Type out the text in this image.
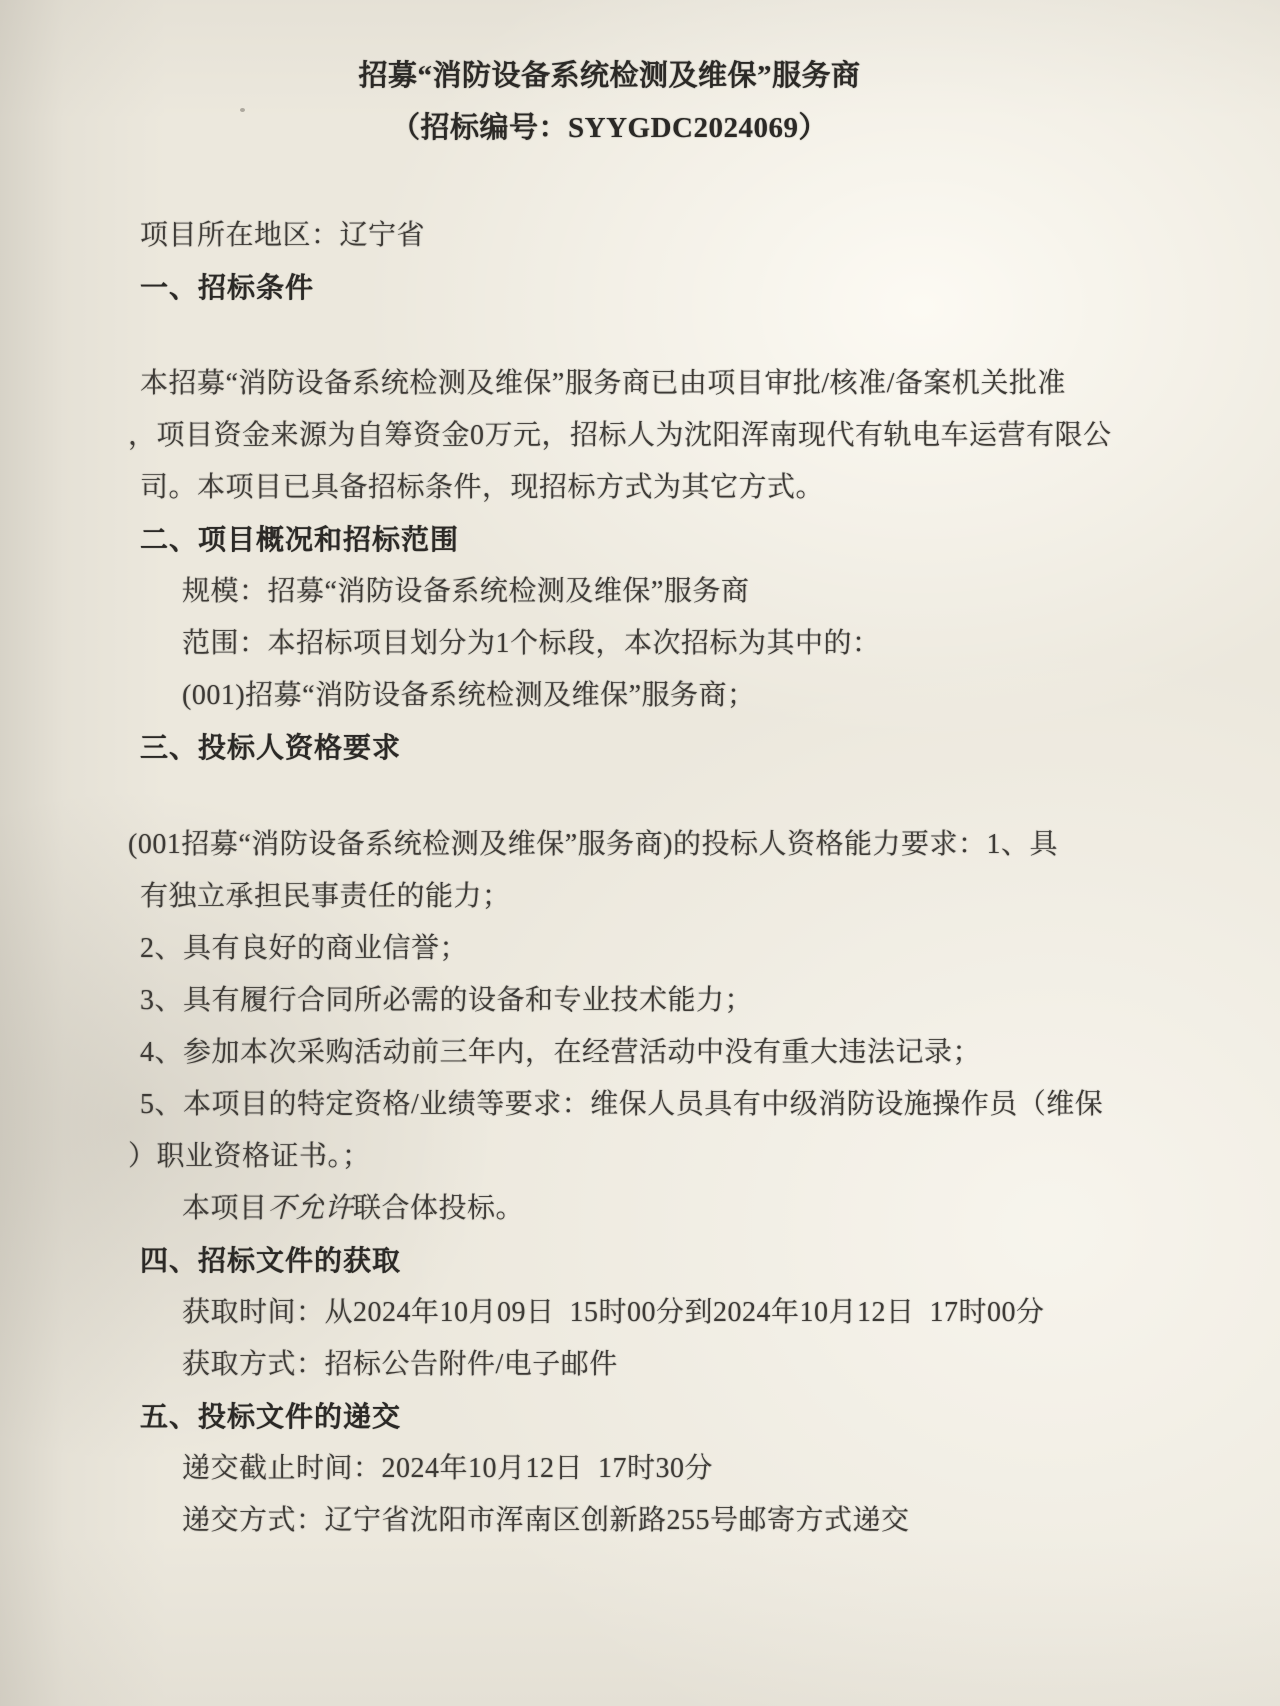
招募“消防设备系统检测及维保”服务商
（招标编号：SYYGDC2024069）
项目所在地区：辽宁省
一、招标条件
本招募“消防设备系统检测及维保”服务商已由项目审批/核准/备案机关批准
，项目资金来源为自筹资金0万元，招标人为沈阳浑南现代有轨电车运营有限公
司。本项目已具备招标条件，现招标方式为其它方式。
二、项目概况和招标范围
规模：招募“消防设备系统检测及维保”服务商
范围：本招标项目划分为1个标段，本次招标为其中的：
(001)招募“消防设备系统检测及维保”服务商；
三、投标人资格要求
(001招募“消防设备系统检测及维保”服务商)的投标人资格能力要求：1、具
有独立承担民事责任的能力；
2、具有良好的商业信誉；
3、具有履行合同所必需的设备和专业技术能力；
4、参加本次采购活动前三年内，在经营活动中没有重大违法记录；
5、本项目的特定资格/业绩等要求：维保人员具有中级消防设施操作员（维保
）职业资格证书。；
本项目不允许联合体投标。
四、招标文件的获取
获取时间：从2024年10月09日  15时00分到2024年10月12日  17时00分
获取方式：招标公告附件/电子邮件
五、投标文件的递交
递交截止时间：2024年10月12日  17时30分
递交方式：辽宁省沈阳市浑南区创新路255号邮寄方式递交
